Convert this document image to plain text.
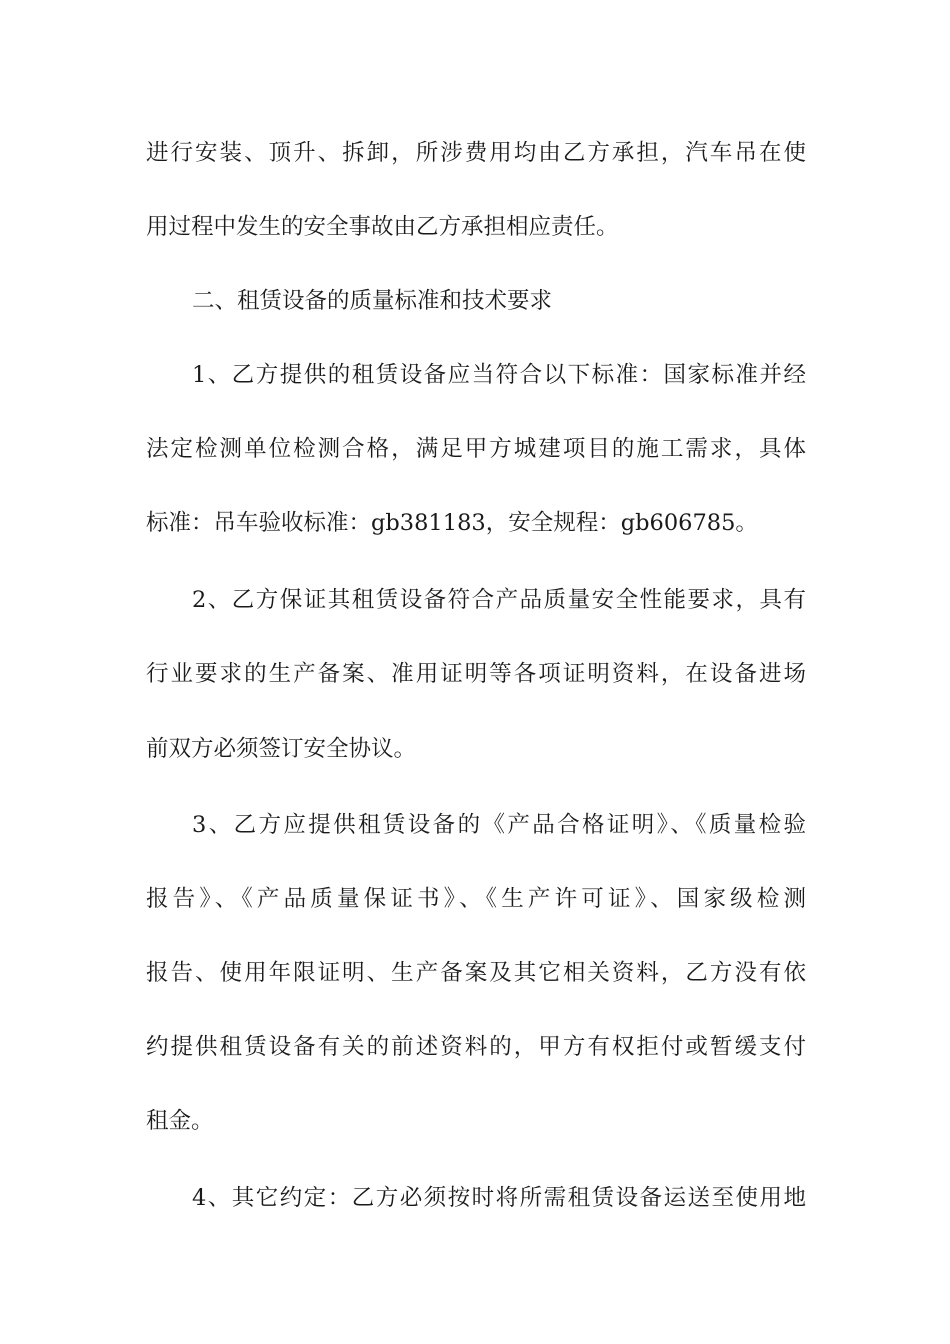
进行安装、顶升、拆卸，所涉费用均由乙方承担，汽车吊在使
用过程中发生的安全事故由乙方承担相应责任。
二、租赁设备的质量标准和技术要求
1、乙方提供的租赁设备应当符合以下标准：国家标准并经
法定检测单位检测合格，满足甲方城建项目的施工需求，具体
标准：吊车验收标准：gb381183，安全规程：gb606785。
2、乙方保证其租赁设备符合产品质量安全性能要求，具有
行业要求的生产备案、准用证明等各项证明资料，在设备进场
前双方必须签订安全协议。
3、乙方应提供租赁设备的《产品合格证明》、《质量检验
报告》、《产品质量保证书》、《生产许可证》、国家级检测
报告、使用年限证明、生产备案及其它相关资料，乙方没有依
约提供租赁设备有关的前述资料的，甲方有权拒付或暂缓支付
租金。
4、其它约定：乙方必须按时将所需租赁设备运送至使用地
